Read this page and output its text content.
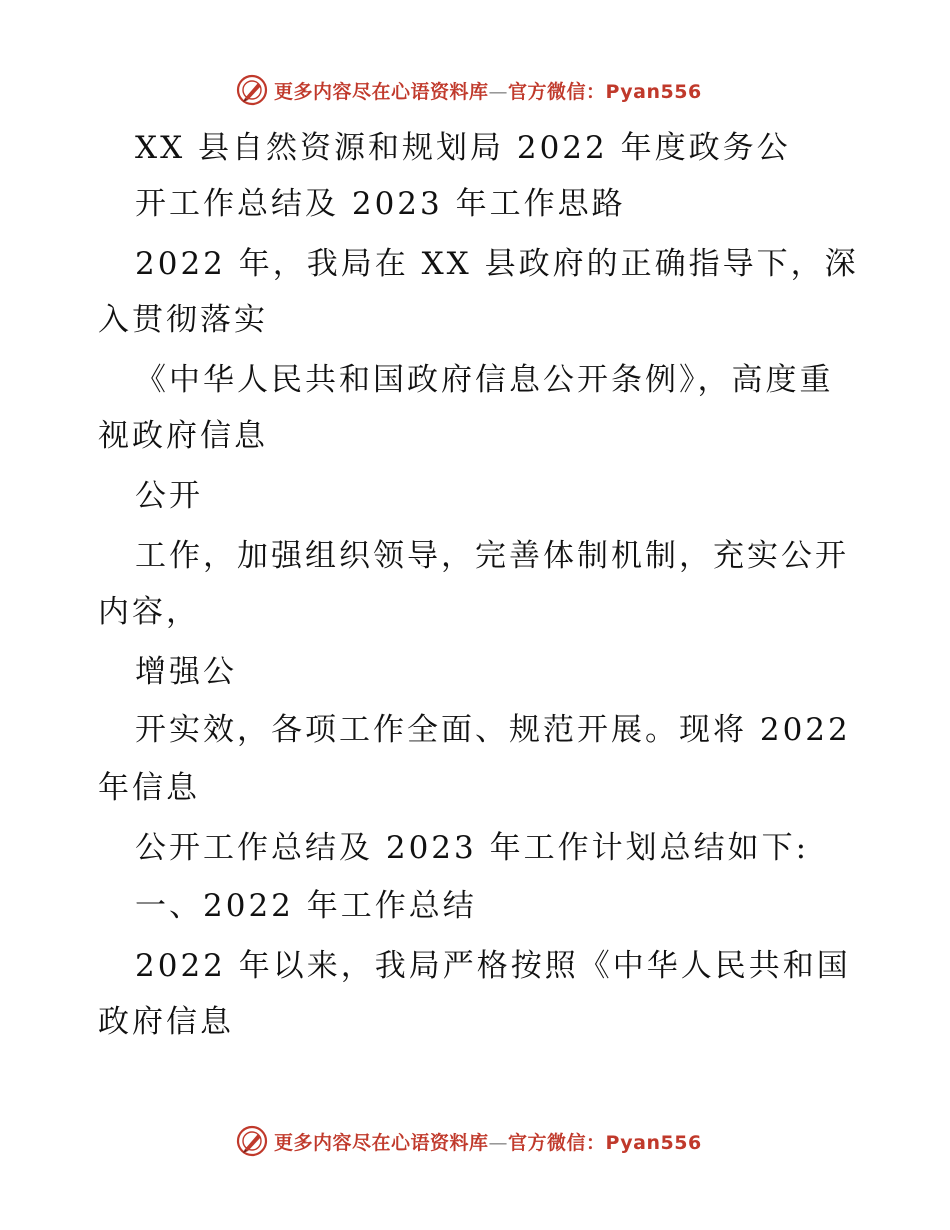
更多内容尽在心语资料库—官方微信：Pyan556
XX 县自然资源和规划局 2022 年度政务公
开工作总结及 2023 年工作思路
2022 年，我局在 XX 县政府的正确指导下，深
入贯彻落实
《中华人民共和国政府信息公开条例》，高度重
视政府信息
公开
工作，加强组织领导，完善体制机制，充实公开
内容，
增强公
开实效，各项工作全面、规范开展。现将 2022
年信息
公开工作总结及 2023 年工作计划总结如下:
一、2022 年工作总结
2022 年以来，我局严格按照《中华人民共和国
政府信息
更多内容尽在心语资料库—官方微信：Pyan556
